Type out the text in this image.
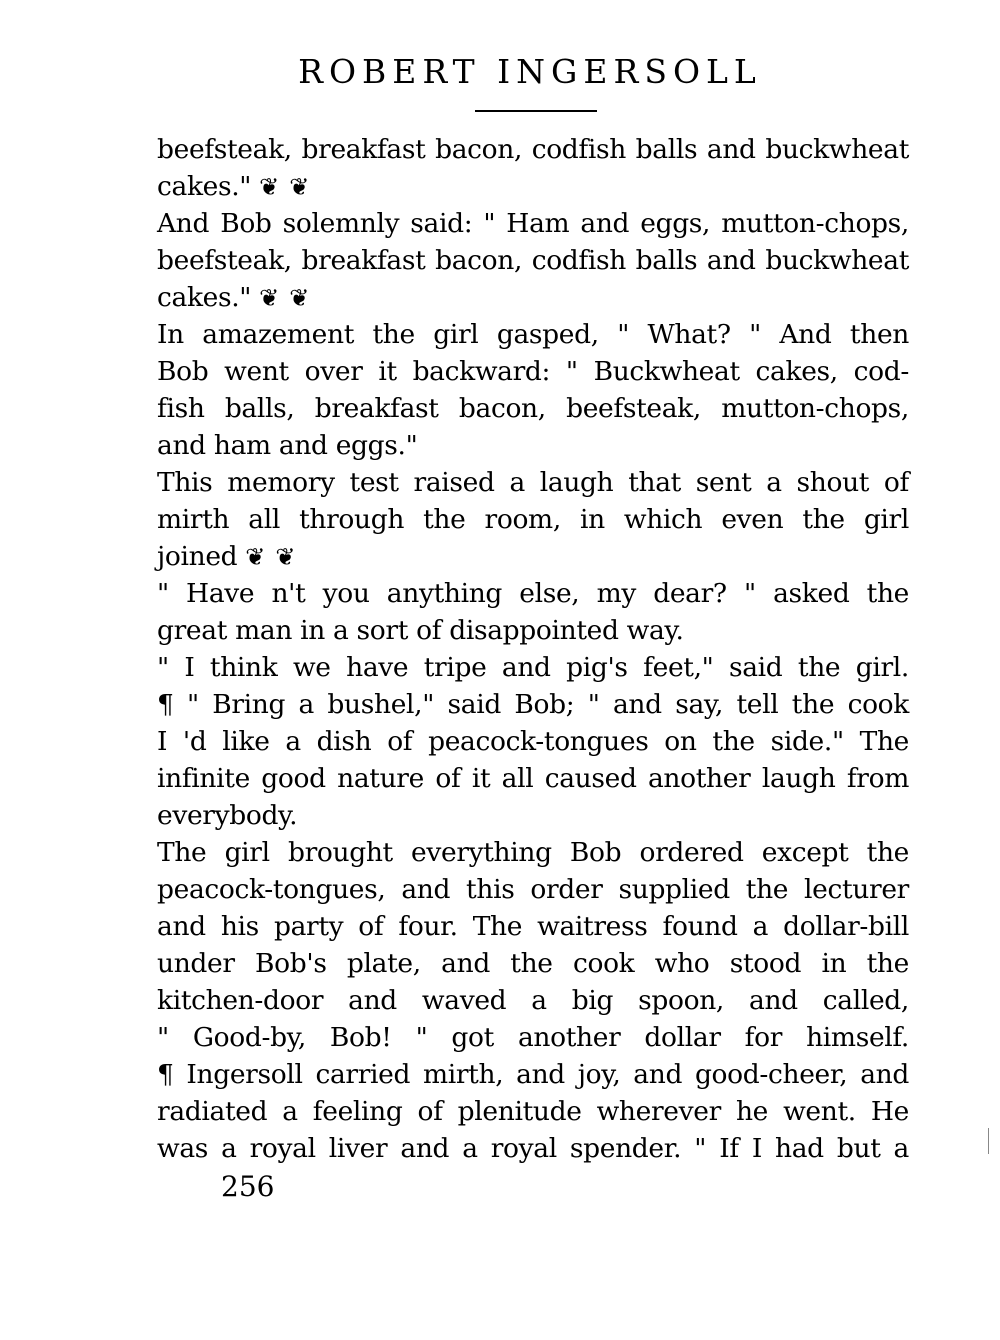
ROBERT INGERSOLL
beefsteak, breakfast bacon, codfish balls and buckwheat
cakes." ❦ ❦
And Bob solemnly said: " Ham and eggs, mutton-chops,
beefsteak, breakfast bacon, codfish balls and buckwheat
cakes." ❦ ❦
In amazement the girl gasped, " What? " And then
Bob went over it backward: " Buckwheat cakes, cod-
fish balls, breakfast bacon, beefsteak, mutton-chops,
and ham and eggs."
This memory test raised a laugh that sent a shout of
mirth all through the room, in which even the girl
joined ❦ ❦
" Have n't you anything else, my dear? " asked the
great man in a sort of disappointed way.
" I think we have tripe and pig's feet," said the girl.
¶ " Bring a bushel," said Bob; " and say, tell the cook
I 'd like a dish of peacock-tongues on the side." The
infinite good nature of it all caused another laugh from
everybody.
The girl brought everything Bob ordered except the
peacock-tongues, and this order supplied the lecturer
and his party of four. The waitress found a dollar-bill
under Bob's plate, and the cook who stood in the
kitchen-door and waved a big spoon, and called,
" Good-by, Bob! " got another dollar for himself.
¶ Ingersoll carried mirth, and joy, and good-cheer, and
radiated a feeling of plenitude wherever he went. He
was a royal liver and a royal spender. " If I had but a
256
